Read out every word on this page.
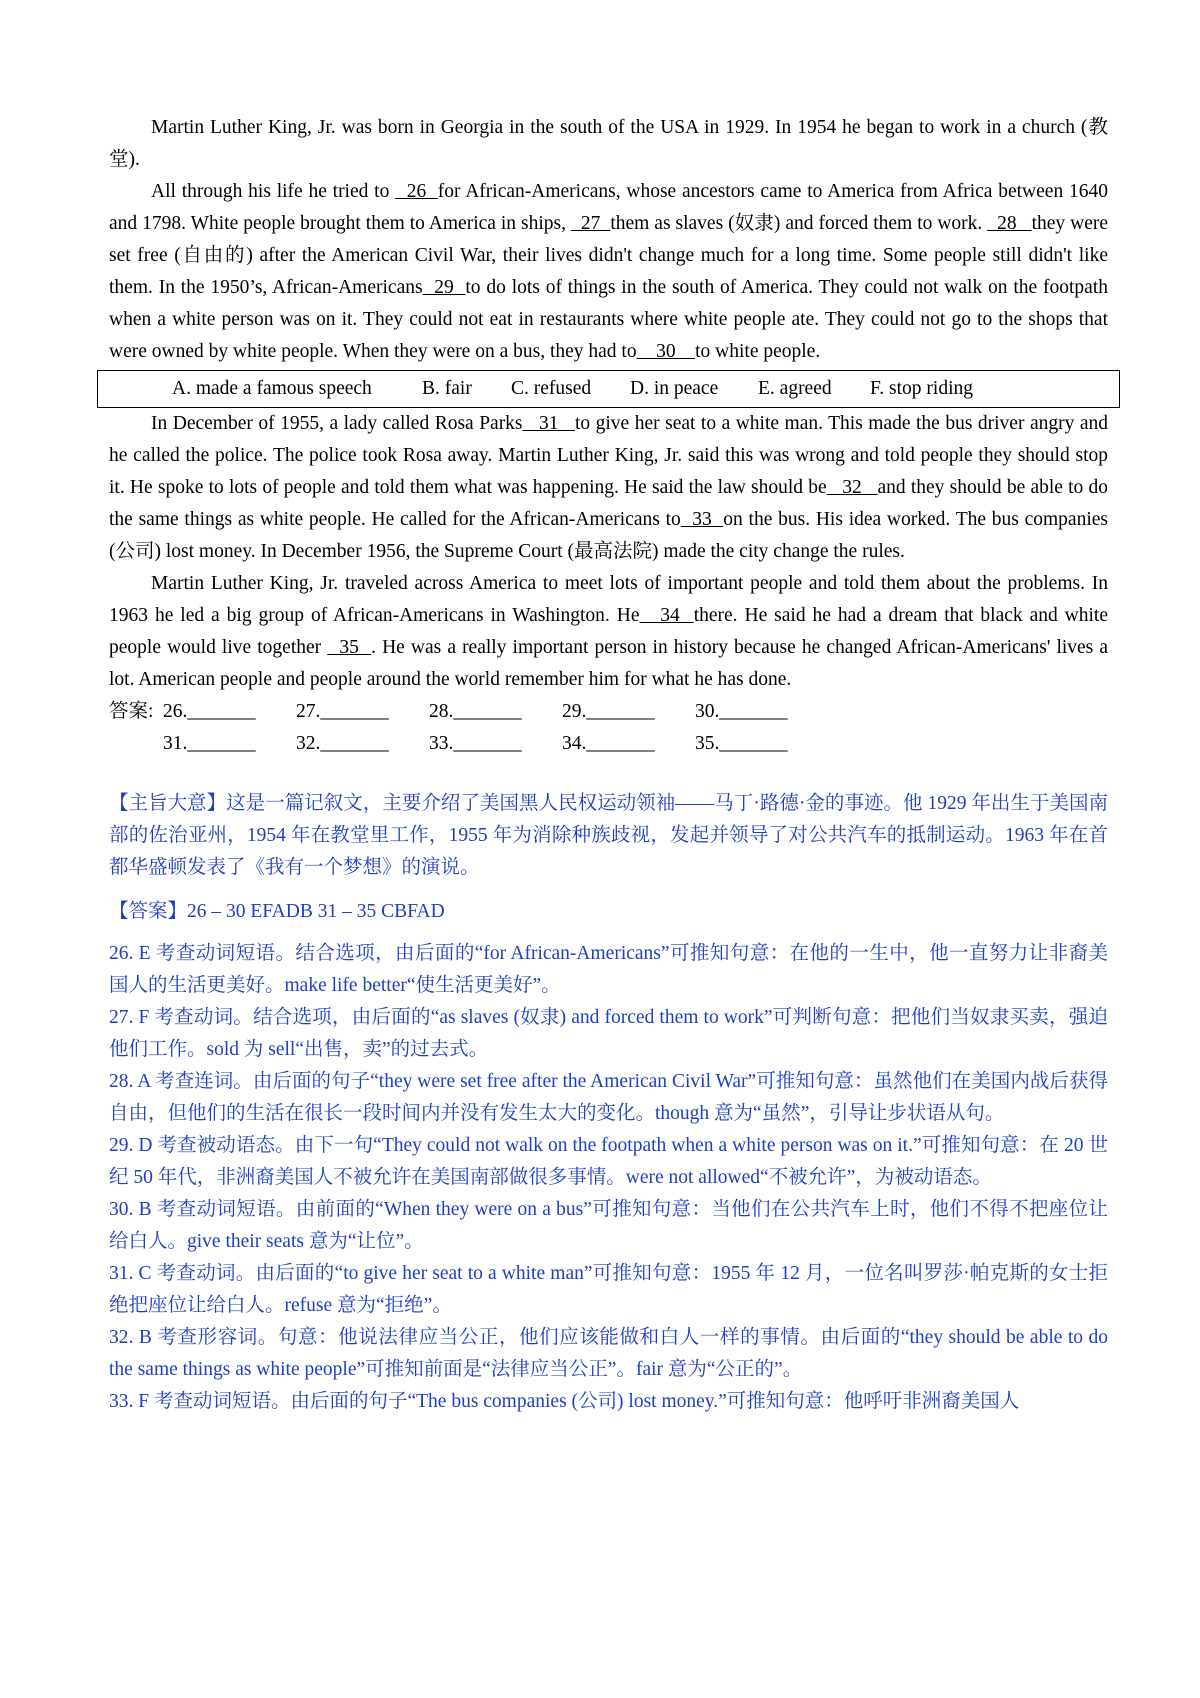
Martin Luther King, Jr. was born in Georgia in the south of the USA in 1929. In 1954 he began to work in a church (教堂).

All through his life he tried to   26  for African-Americans, whose ancestors came to America from Africa between 1640 and 1798. White people brought them to America in ships,   27  them as slaves (奴隶) and forced them to work.   28   they were set free (自由的) after the American Civil War, their lives didn't change much for a long time. Some people still didn't like them. In the 1950’s, African-Americans  29  to do lots of things in the south of America. They could not walk on the footpath when a white person was on it. They could not eat in restaurants where white people ate. They could not go to the shops that were owned by white people. When they were on a bus, they had to    30    to white people.

A. made a famous speech	B. fair	C. refused	D. in peace	E. agreed	F. stop riding

In December of 1955, a lady called Rosa Parks   31   to give her seat to a white man. This made the bus driver angry and he called the police. The police took Rosa away. Martin Luther King, Jr. said this was wrong and told people they should stop it. He spoke to lots of people and told them what was happening. He said the law should be   32   and they should be able to do the same things as white people. He called for the African-Americans to  33  on the bus. His idea worked. The bus companies (公司) lost money. In December 1956, the Supreme Court (最高法院) made the city change the rules.

Martin Luther King, Jr. traveled across America to meet lots of important people and told them about the problems. In 1963 he led a big group of African-Americans in Washington. He   34  there. He said he had a dream that black and white people would live together   35  . He was a really important person in history because he changed African-Americans' lives a lot. American people and people around the world remember him for what he has done.

答案: 26._______	27._______	28._______	29._______	30._______
31._______	32._______	33._______	34._______	35._______

【主旨大意】这是一篇记叙文，主要介绍了美国黑人民权运动领袖——马丁·路德·金的事迹。他 1929 年出生于美国南部的佐治亚州，1954 年在教堂里工作，1955 年为消除种族歧视，发起并领导了对公共汽车的抵制运动。1963 年在首都华盛顿发表了《我有一个梦想》的演说。

【答案】26 – 30 EFADB 31 – 35 CBFAD

26. E 考查动词短语。结合选项，由后面的“for African-Americans”可推知句意：在他的一生中，他一直努力让非裔美国人的生活更美好。make life better“使生活更美好”。

27. F 考查动词。结合选项，由后面的“as slaves (奴隶) and forced them to work”可判断句意：把他们当奴隶买卖，强迫他们工作。sold 为 sell“出售，卖”的过去式。

28. A 考查连词。由后面的句子“they were set free after the American Civil War”可推知句意：虽然他们在美国内战后获得自由，但他们的生活在很长一段时间内并没有发生太大的变化。though 意为“虽然”，引导让步状语从句。

29. D 考查被动语态。由下一句“They could not walk on the footpath when a white person was on it.”可推知句意：在 20 世纪 50 年代，非洲裔美国人不被允许在美国南部做很多事情。were not allowed“不被允许”，为被动语态。

30. B 考查动词短语。由前面的“When they were on a bus”可推知句意：当他们在公共汽车上时，他们不得不把座位让给白人。give their seats 意为“让位”。

31. C 考查动词。由后面的“to give her seat to a white man”可推知句意：1955 年 12 月，一位名叫罗莎·帕克斯的女士拒绝把座位让给白人。refuse 意为“拒绝”。

32. B 考查形容词。句意：他说法律应当公正，他们应该能做和白人一样的事情。由后面的“they should be able to do the same things as white people”可推知前面是“法律应当公正”。fair 意为“公正的”。

33. F 考查动词短语。由后面的句子“The bus companies (公司) lost money.”可推知句意：他呼吁非洲裔美国人
